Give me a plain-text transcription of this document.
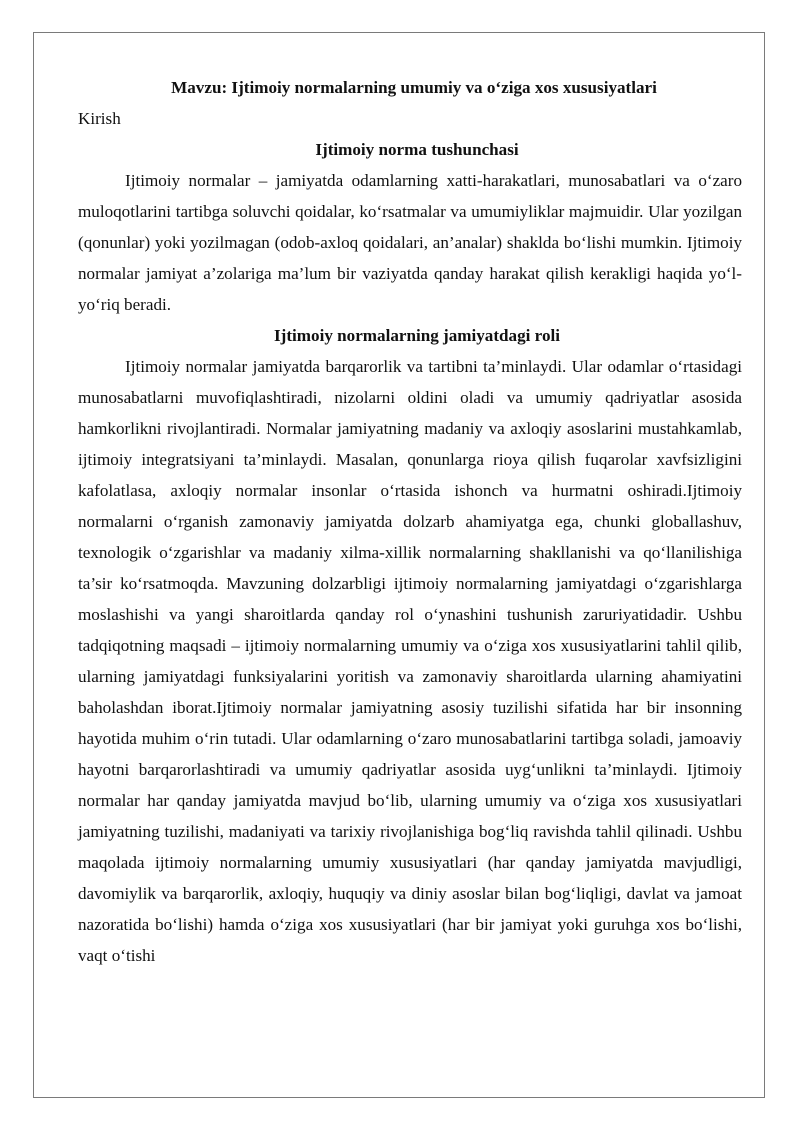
Mavzu: Ijtimoiy normalarning umumiy va o‘ziga xos xususiyatlari

Kirish

Ijtimoiy norma tushunchasi

Ijtimoiy normalar – jamiyatda odamlarning xatti-harakatlari, munosabatlari va o‘zaro muloqotlarini tartibga soluvchi qoidalar, ko‘rsatmalar va umumiyliklar majmuidir. Ular yozilgan (qonunlar) yoki yozilmagan (odob-axloq qoidalari, an’analar) shaklda bo‘lishi mumkin. Ijtimoiy normalar jamiyat a’zolariga ma’lum bir vaziyatda qanday harakat qilish kerakligi haqida yo‘l-yo‘riq beradi.

Ijtimoiy normalarning jamiyatdagi roli

Ijtimoiy normalar jamiyatda barqarorlik va tartibni ta’minlaydi. Ular odamlar o‘rtasidagi munosabatlarni muvofiqlashtiradi, nizolarni oldini oladi va umumiy qadriyatlar asosida hamkorlikni rivojlantiradi. Normalar jamiyatning madaniy va axloqiy asoslarini mustahkamlab, ijtimoiy integratsiyani ta’minlaydi. Masalan, qonunlarga rioya qilish fuqarolar xavfsizligini kafolatlasa, axloqiy normalar insonlar o‘rtasida ishonch va hurmatni oshiradi.Ijtimoiy normalarni o‘rganish zamonaviy jamiyatda dolzarb ahamiyatga ega, chunki globallashuv, texnologik o‘zgarishlar va madaniy xilma-xillik normalarning shakllanishi va qo‘llanilishiga ta’sir ko‘rsatmoqda. Mavzuning dolzarbligi ijtimoiy normalarning jamiyatdagi o‘zgarishlarga moslashishi va yangi sharoitlarda qanday rol o‘ynashini tushunish zaruriyatidadir. Ushbu tadqiqotning maqsadi – ijtimoiy normalarning umumiy va o‘ziga xos xususiyatlarini tahlil qilib, ularning jamiyatdagi funksiyalarini yoritish va zamonaviy sharoitlarda ularning ahamiyatini baholashdan iborat.Ijtimoiy normalar jamiyatning asosiy tuzilishi sifatida har bir insonning hayotida muhim o‘rin tutadi. Ular odamlarning o‘zaro munosabatlarini tartibga soladi, jamoaviy hayotni barqarorlashtiradi va umumiy qadriyatlar asosida uyg‘unlikni ta’minlaydi. Ijtimoiy normalar har qanday jamiyatda mavjud bo‘lib, ularning umumiy va o‘ziga xos xususiyatlari jamiyatning tuzilishi, madaniyati va tarixiy rivojlanishiga bog‘liq ravishda tahlil qilinadi. Ushbu maqolada ijtimoiy normalarning umumiy xususiyatlari (har qanday jamiyatda mavjudligi, davomiylik va barqarorlik, axloqiy, huquqiy va diniy asoslar bilan bog‘liqligi, davlat va jamoat nazoratida bo‘lishi) hamda o‘ziga xos xususiyatlari (har bir jamiyat yoki guruhga xos bo‘lishi, vaqt o‘tishi
